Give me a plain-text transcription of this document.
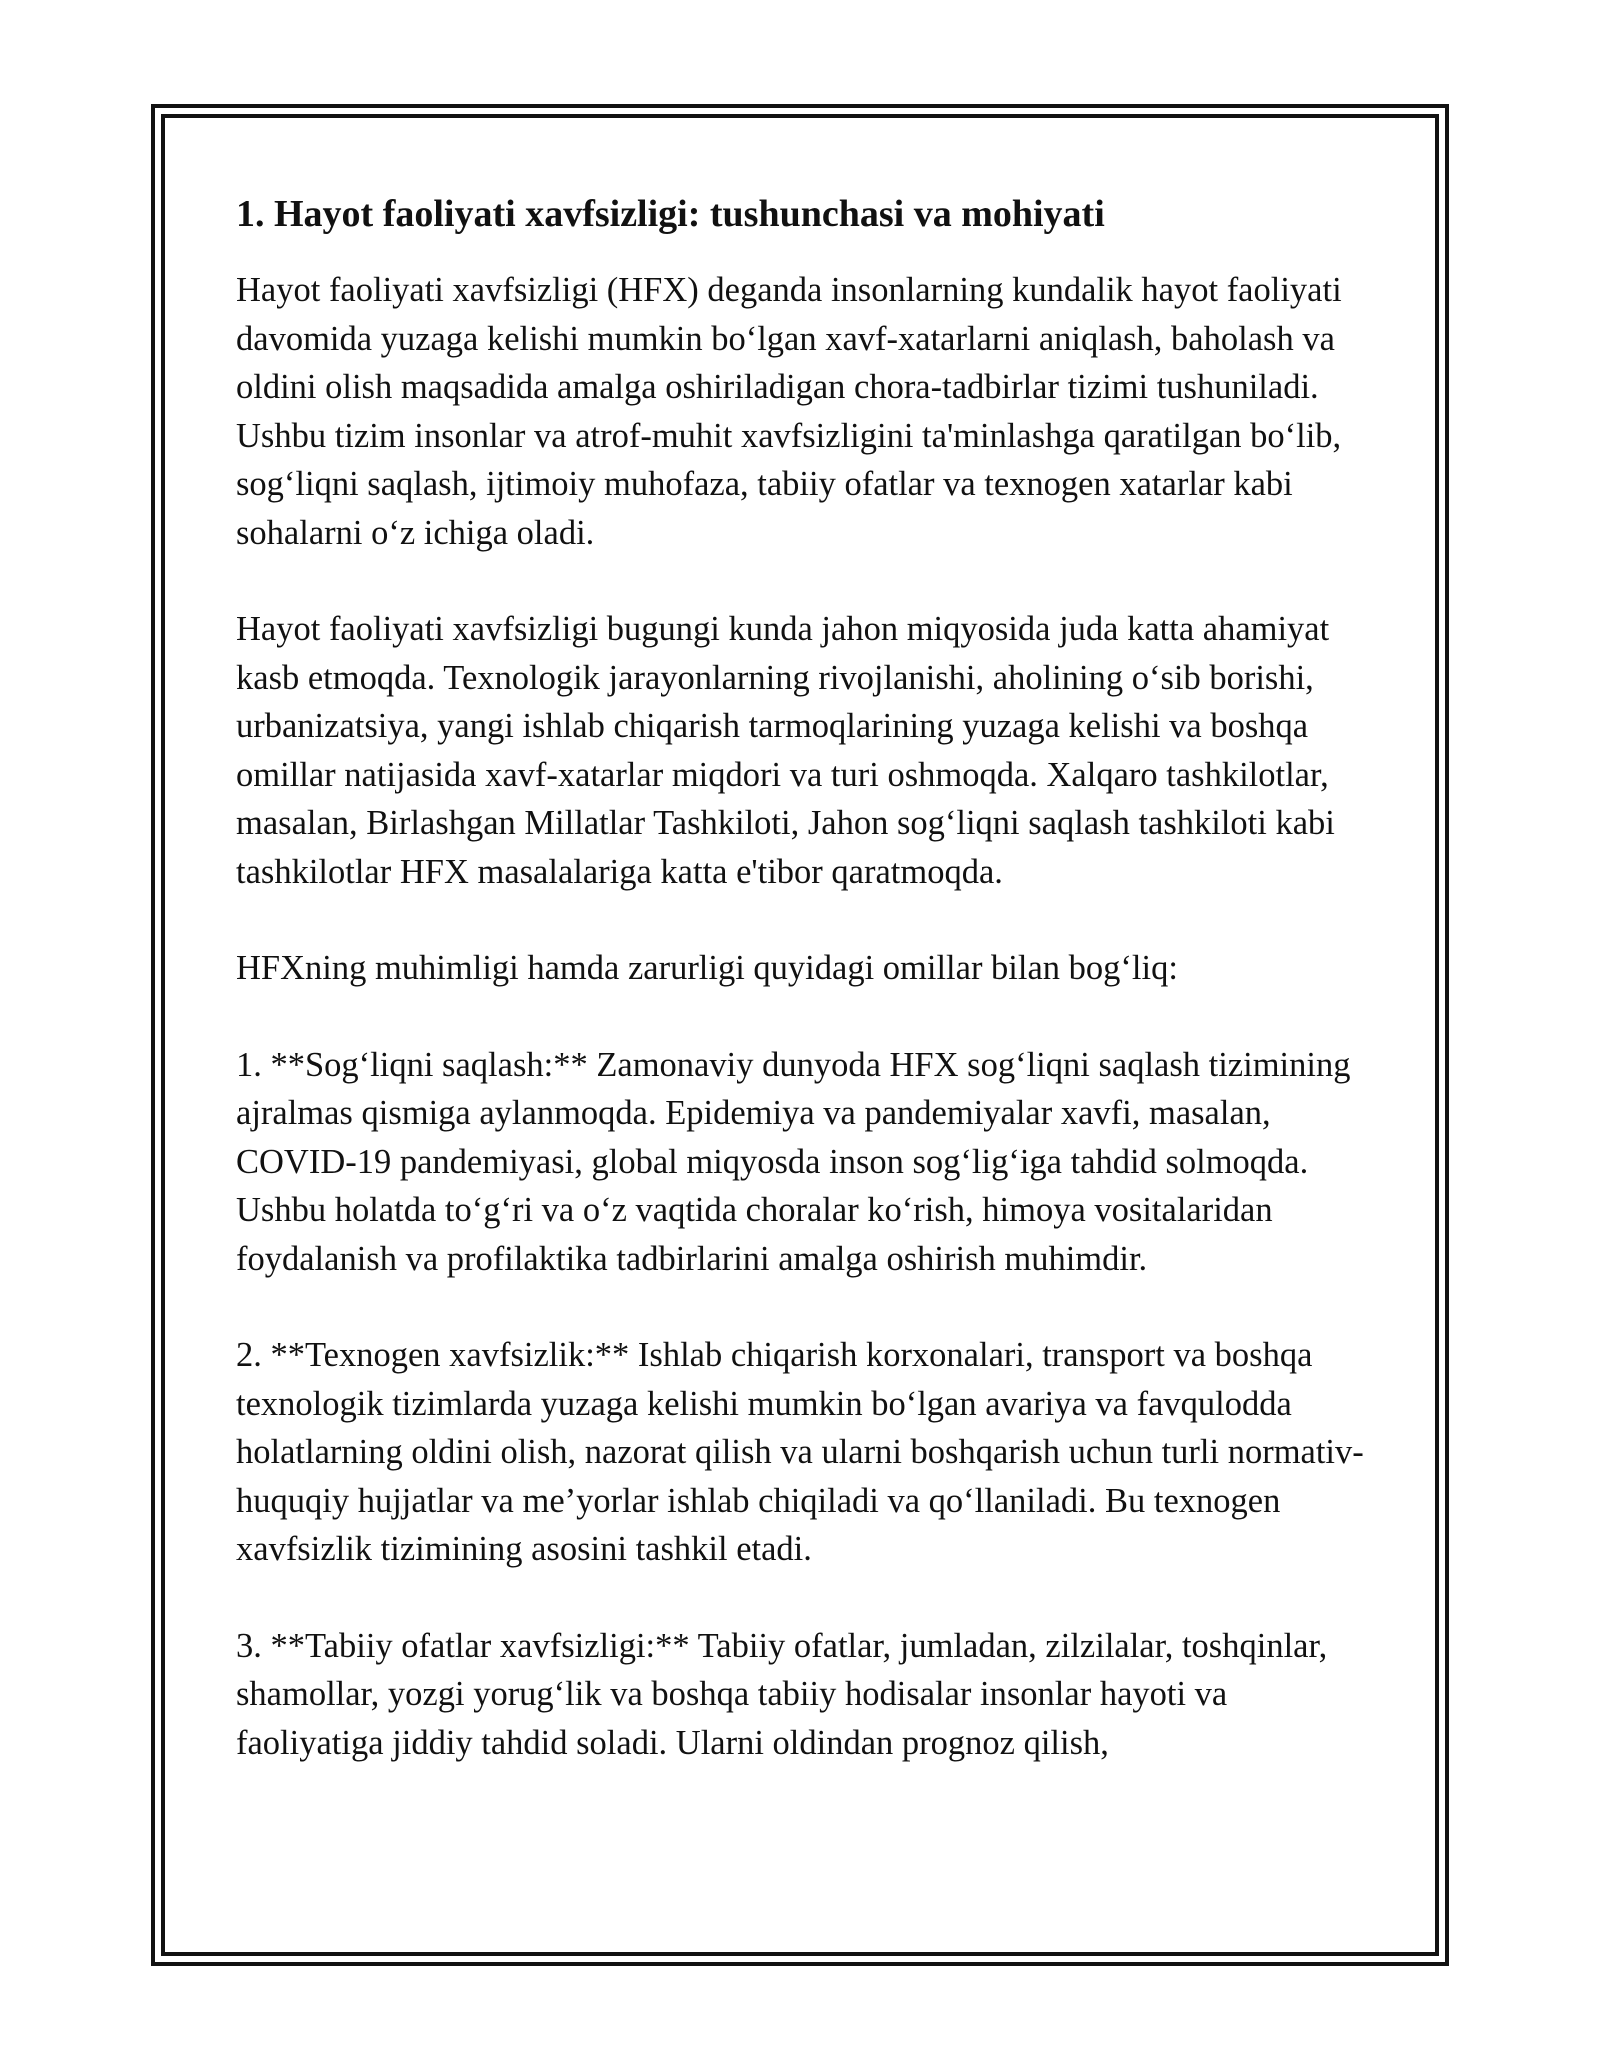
1. Hayot faoliyati xavfsizligi: tushunchasi va mohiyati

Hayot faoliyati xavfsizligi (HFX) deganda insonlarning kundalik hayot faoliyati davomida yuzaga kelishi mumkin bo‘lgan xavf-xatarlarni aniqlash, baholash va oldini olish maqsadida amalga oshiriladigan chora-tadbirlar tizimi tushuniladi. Ushbu tizim insonlar va atrof-muhit xavfsizligini ta'minlashga qaratilgan bo‘lib, sog‘liqni saqlash, ijtimoiy muhofaza, tabiiy ofatlar va texnogen xatarlar kabi sohalarni o‘z ichiga oladi.

Hayot faoliyati xavfsizligi bugungi kunda jahon miqyosida juda katta ahamiyat kasb etmoqda. Texnologik jarayonlarning rivojlanishi, aholining o‘sib borishi, urbanizatsiya, yangi ishlab chiqarish tarmoqlarining yuzaga kelishi va boshqa omillar natijasida xavf-xatarlar miqdori va turi oshmoqda. Xalqaro tashkilotlar, masalan, Birlashgan Millatlar Tashkiloti, Jahon sog‘liqni saqlash tashkiloti kabi tashkilotlar HFX masalalariga katta e'tibor qaratmoqda.

HFXning muhimligi hamda zarurligi quyidagi omillar bilan bog‘liq:

1. **Sog‘liqni saqlash:** Zamonaviy dunyoda HFX sog‘liqni saqlash tizimining ajralmas qismiga aylanmoqda. Epidemiya va pandemiyalar xavfi, masalan, COVID-19 pandemiyasi, global miqyosda inson sog‘lig‘iga tahdid solmoqda. Ushbu holatda to‘g‘ri va o‘z vaqtida choralar ko‘rish, himoya vositalaridan foydalanish va profilaktika tadbirlarini amalga oshirish muhimdir.

2. **Texnogen xavfsizlik:** Ishlab chiqarish korxonalari, transport va boshqa texnologik tizimlarda yuzaga kelishi mumkin bo‘lgan avariya va favqulodda holatlarning oldini olish, nazorat qilish va ularni boshqarish uchun turli normativ-huquqiy hujjatlar va me’yorlar ishlab chiqiladi va qo‘llaniladi. Bu texnogen xavfsizlik tizimining asosini tashkil etadi.

3. **Tabiiy ofatlar xavfsizligi:** Tabiiy ofatlar, jumladan, zilzilalar, toshqinlar, shamollar, yozgi yorug‘lik va boshqa tabiiy hodisalar insonlar hayoti va faoliyatiga jiddiy tahdid soladi. Ularni oldindan prognoz qilish,
